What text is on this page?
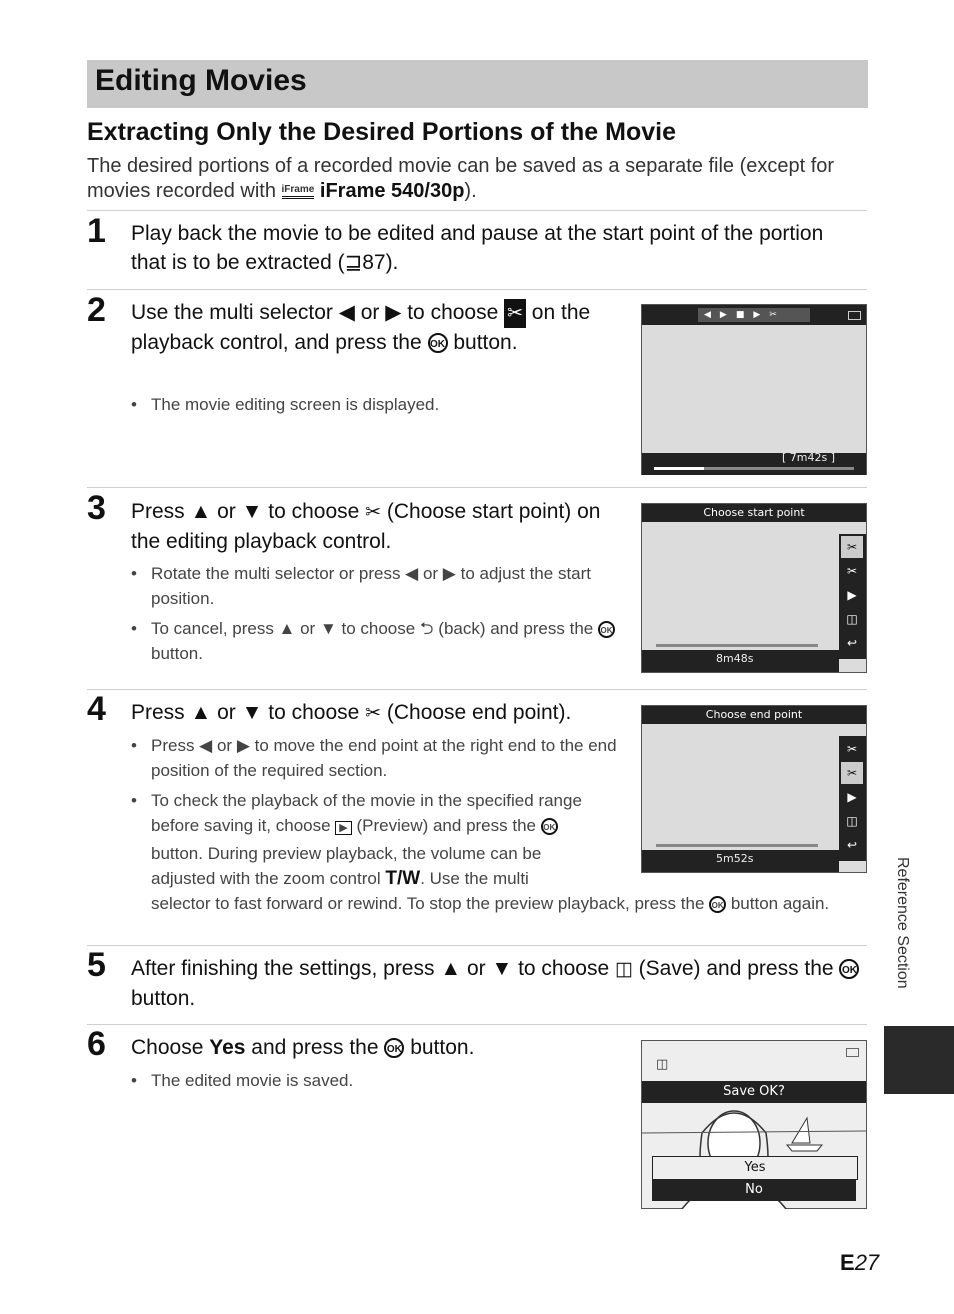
Editing Movies
Extracting Only the Desired Portions of the Movie
The desired portions of a recorded movie can be saved as a separate file (except for movies recorded with iFrame iFrame 540/30p).
1 Play back the movie to be edited and pause at the start point of the portion that is to be extracted (⊒87).
2 Use the multi selector ◀ or ▶ to choose ✂ on the playback control, and press the OK button.
• The movie editing screen is displayed.
◀▶■▶✂
[ 7m42s ]
3 Press ▲ or ▼ to choose ✂ (Choose start point) on the editing playback control.
• Rotate the multi selector or press ◀ or ▶ to adjust the start position.
• To cancel, press ▲ or ▼ to choose ⮌ (back) and press the OK button.
Choose start point
✂
✂
▶
◫
↩
8m48s
4 Press ▲ or ▼ to choose ✂ (Choose end point).
• Press ◀ or ▶ to move the end point at the right end to the end position of the required section.
• To check the playback of the movie in the specified range before saving it, choose ▶ (Preview) and press the OK button. During preview playback, the volume can be adjusted with the zoom control T/W. Use the multi selector to fast forward or rewind. To stop the preview playback, press the OK button again.
Choose end point
✂
✂
▶
◫
↩
5m52s
5 After finishing the settings, press ▲ or ▼ to choose ◫ (Save) and press the OK button.
6 Choose Yes and press the OK button.
• The edited movie is saved.
◫
Save OK?
Yes
No
Reference Section
E27
